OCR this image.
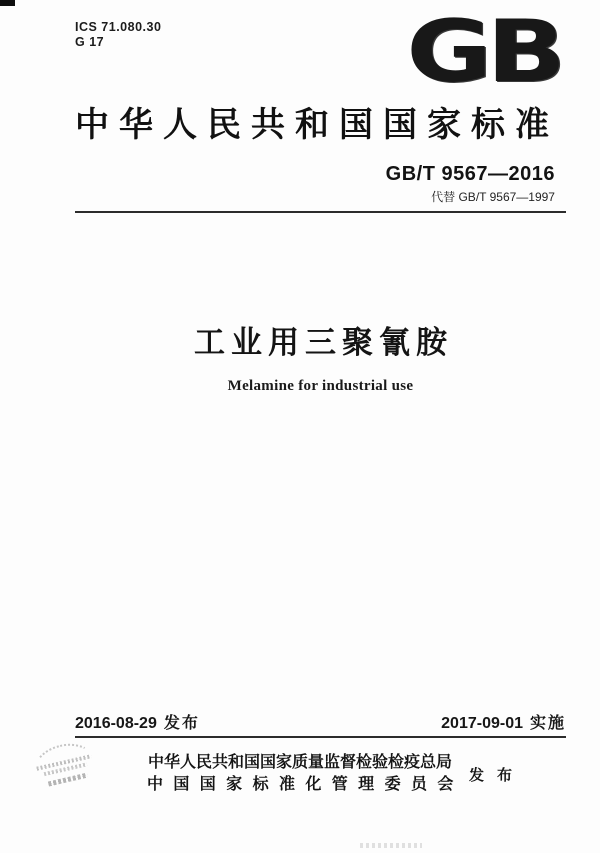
ICS 71.080.30
G 17	GB
中华人民共和国国家标准
GB/T 9567—2016
代替 GB/T 9567—1997
工业用三聚氰胺
Melamine for industrial use
2016-08-29 发布	2017-09-01 实施
中华人民共和国国家质量监督检验检疫总局
中国国家标准化管理委员会
发布
